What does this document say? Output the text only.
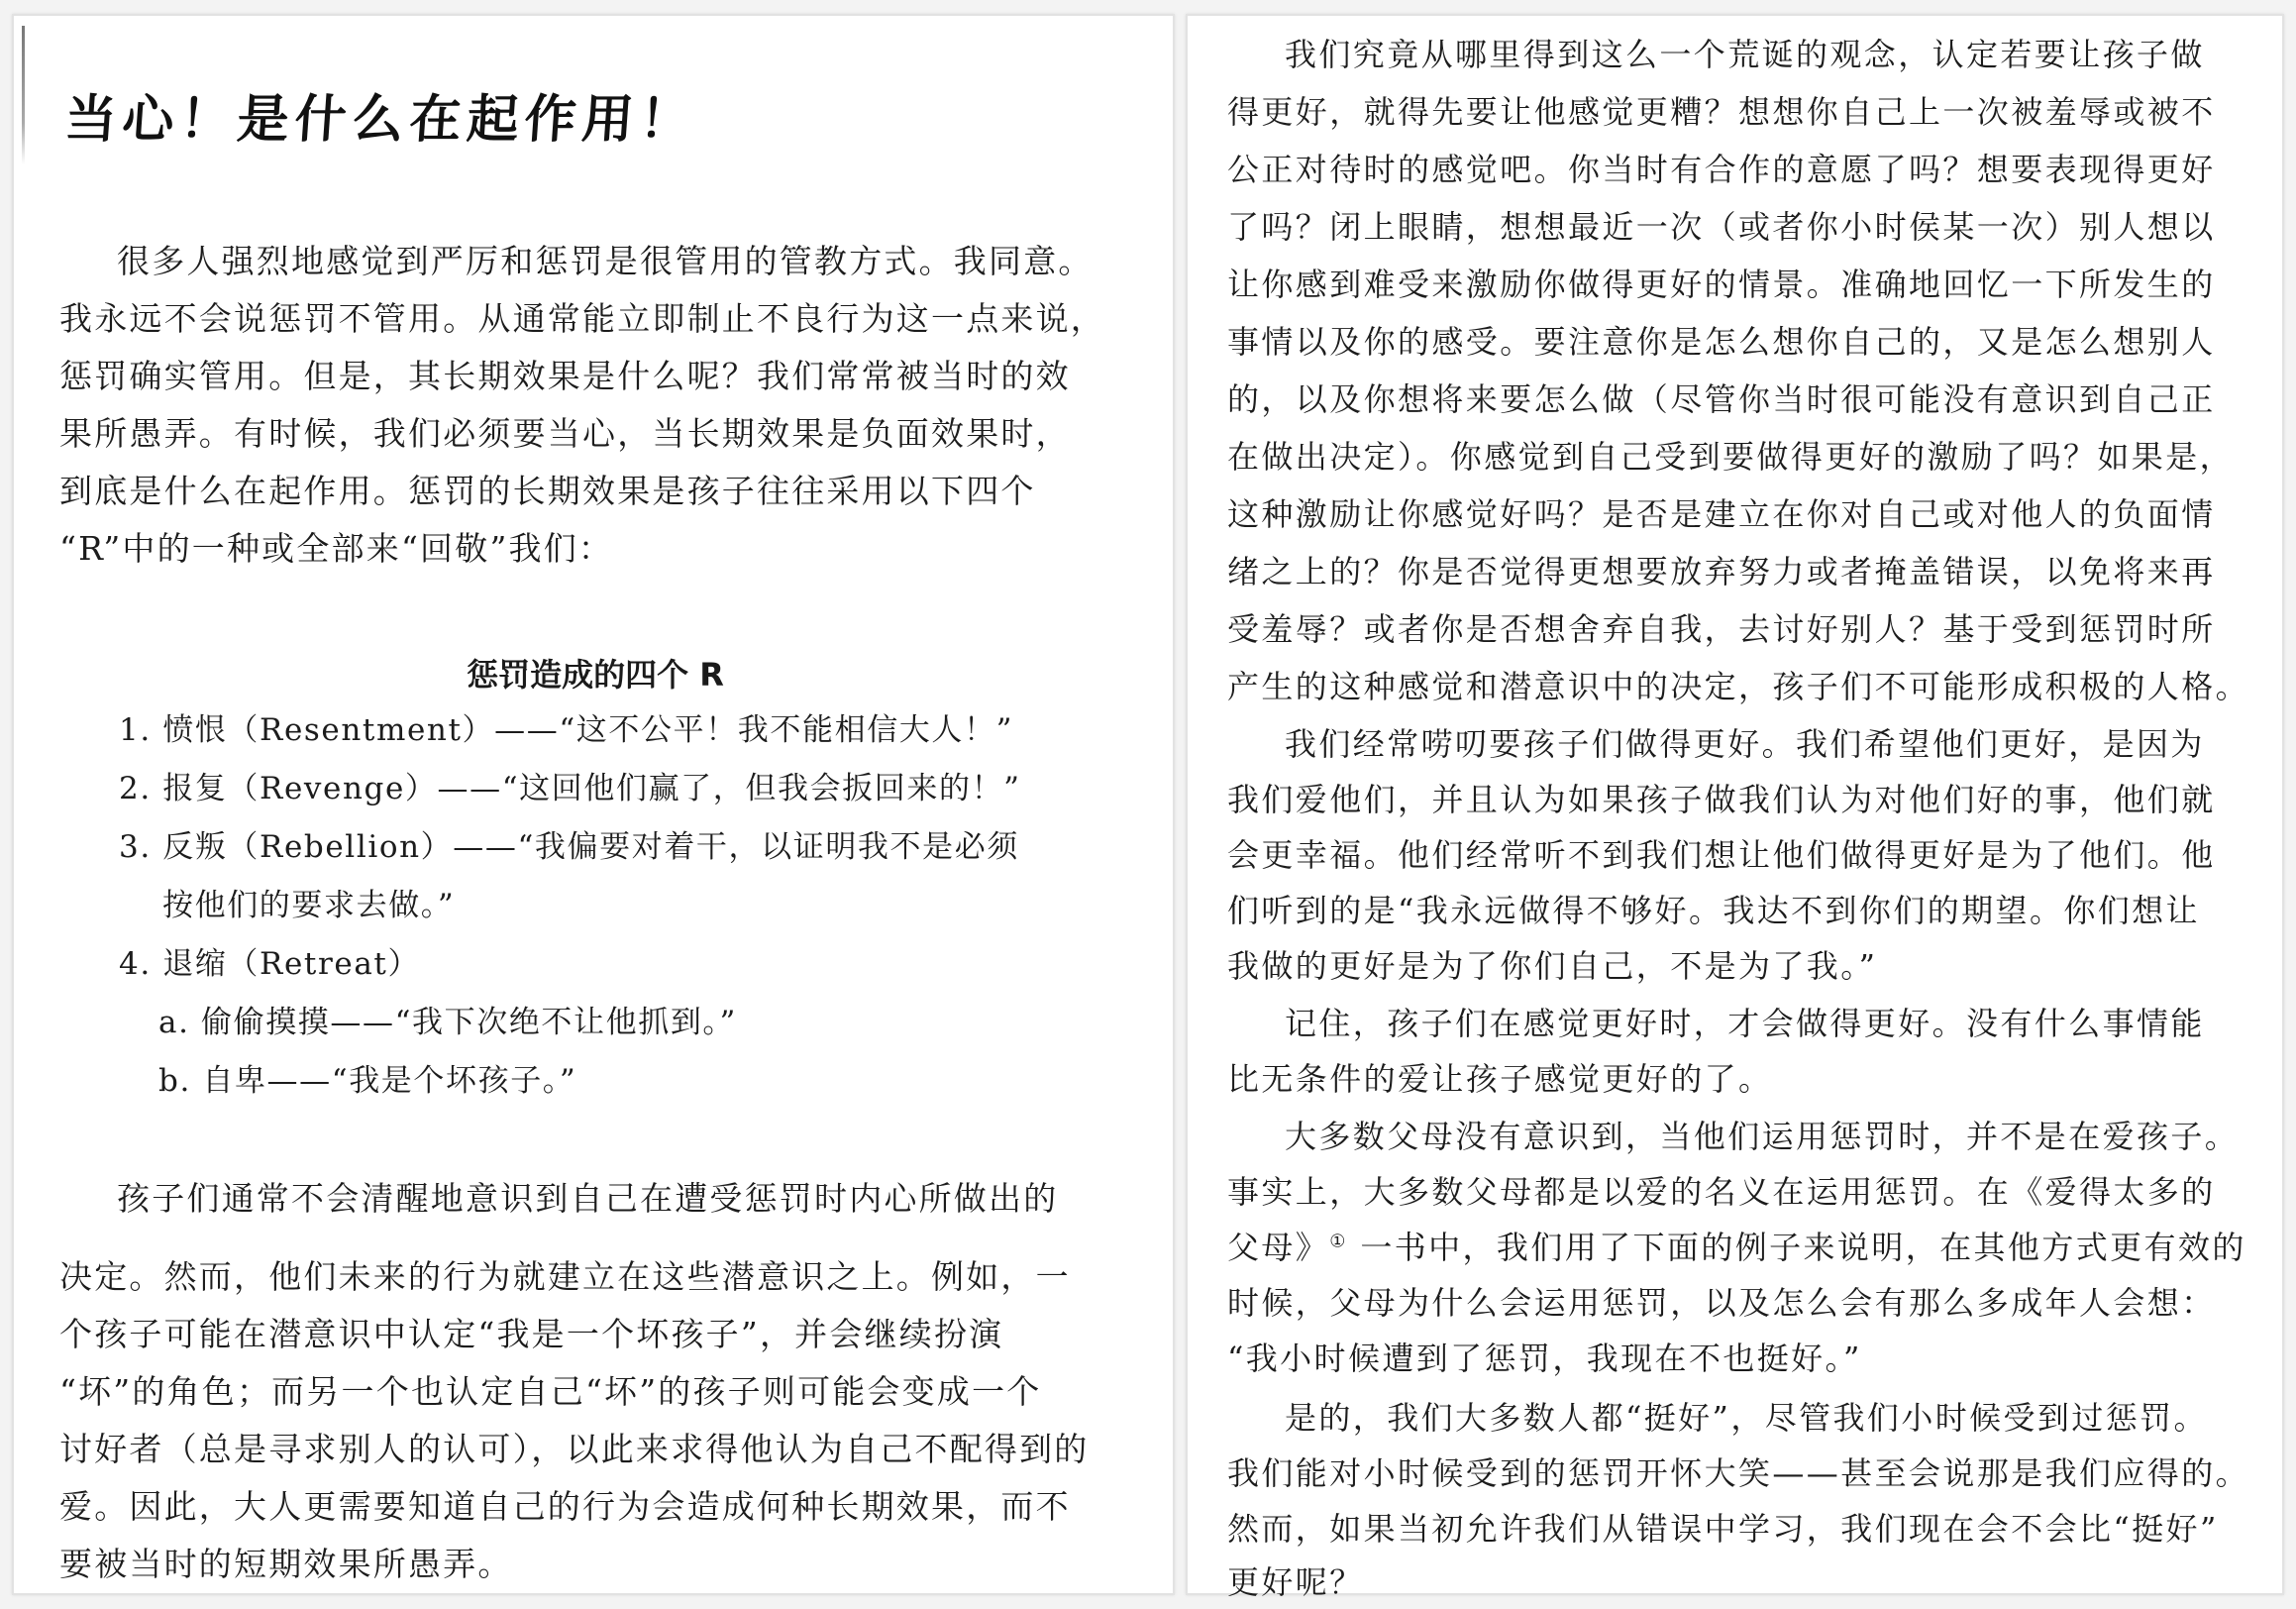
当心！是什么在起作用！
很多人强烈地感觉到严厉和惩罚是很管用的管教方式。我同意。
我永远不会说惩罚不管用。从通常能立即制止不良行为这一点来说，
惩罚确实管用。但是，其长期效果是什么呢？我们常常被当时的效
果所愚弄。有时候，我们必须要当心，当长期效果是负面效果时，
到底是什么在起作用。惩罚的长期效果是孩子往往采用以下四个
“R”中的一种或全部来“回敬”我们：
惩罚造成的四个 R
1. 愤恨（Resentment）——“这不公平！我不能相信大人！”
2. 报复（Revenge）——“这回他们赢了，但我会扳回来的！”
3. 反叛（Rebellion）——“我偏要对着干，以证明我不是必须
按他们的要求去做。”
4. 退缩（Retreat）
a. 偷偷摸摸——“我下次绝不让他抓到。”
b. 自卑——“我是个坏孩子。”
孩子们通常不会清醒地意识到自己在遭受惩罚时内心所做出的
决定。然而，他们未来的行为就建立在这些潜意识之上。例如，一
个孩子可能在潜意识中认定“我是一个坏孩子”，并会继续扮演
“坏”的角色；而另一个也认定自己“坏”的孩子则可能会变成一个
讨好者（总是寻求别人的认可），以此来求得他认为自己不配得到的
爱。因此，大人更需要知道自己的行为会造成何种长期效果，而不
要被当时的短期效果所愚弄。
我们究竟从哪里得到这么一个荒诞的观念，认定若要让孩子做
得更好，就得先要让他感觉更糟？想想你自己上一次被羞辱或被不
公正对待时的感觉吧。你当时有合作的意愿了吗？想要表现得更好
了吗？闭上眼睛，想想最近一次（或者你小时侯某一次）别人想以
让你感到难受来激励你做得更好的情景。准确地回忆一下所发生的
事情以及你的感受。要注意你是怎么想你自己的，又是怎么想别人
的，以及你想将来要怎么做（尽管你当时很可能没有意识到自己正
在做出决定）。你感觉到自己受到要做得更好的激励了吗？如果是，
这种激励让你感觉好吗？是否是建立在你对自己或对他人的负面情
绪之上的？你是否觉得更想要放弃努力或者掩盖错误，以免将来再
受羞辱？或者你是否想舍弃自我，去讨好别人？基于受到惩罚时所
产生的这种感觉和潜意识中的决定，孩子们不可能形成积极的人格。
我们经常唠叨要孩子们做得更好。我们希望他们更好，是因为
我们爱他们，并且认为如果孩子做我们认为对他们好的事，他们就
会更幸福。他们经常听不到我们想让他们做得更好是为了他们。他
们听到的是“我永远做得不够好。我达不到你们的期望。你们想让
我做的更好是为了你们自己，不是为了我。”
记住，孩子们在感觉更好时，才会做得更好。没有什么事情能
比无条件的爱让孩子感觉更好的了。
大多数父母没有意识到，当他们运用惩罚时，并不是在爱孩子。
事实上，大多数父母都是以爱的名义在运用惩罚。在《爱得太多的
父母》① 一书中，我们用了下面的例子来说明，在其他方式更有效的
时候，父母为什么会运用惩罚，以及怎么会有那么多成年人会想：
“我小时候遭到了惩罚，我现在不也挺好。”
是的，我们大多数人都“挺好”，尽管我们小时候受到过惩罚。
我们能对小时候受到的惩罚开怀大笑——甚至会说那是我们应得的。
然而，如果当初允许我们从错误中学习，我们现在会不会比“挺好”
更好呢？
